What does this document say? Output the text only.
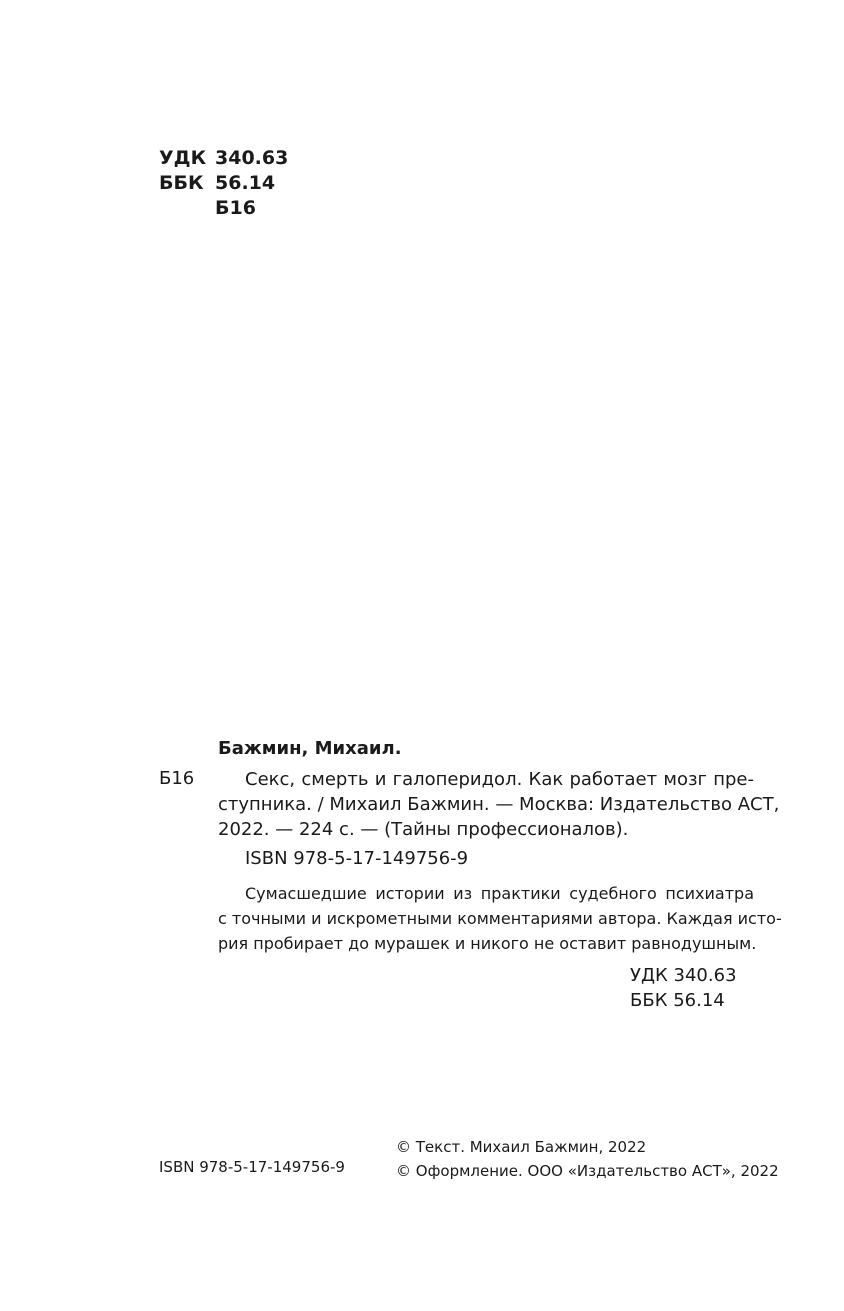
УДК 340.63
ББК 56.14
Б16
Бажмин, Михаил.
Б16	Секс, смерть и галоперидол. Как работает мозг пре-

ступника. / Михаил Бажмин. — Москва: Издательство АСТ,

2022. — 224 с. — (Тайны профессионалов).

ISBN 978-5-17-149756-9

Сумасшедшие истории из практики судебного психиатра

с точными и искрометными комментариями автора. Каждая исто-

рия пробирает до мурашек и никого не оставит равнодушным.

УДК 340.63
ББК 56.14
ISBN 978-5-17-149756-9
© Текст. Михаил Бажмин, 2022
© Оформление. ООО «Издательство АСТ», 2022
